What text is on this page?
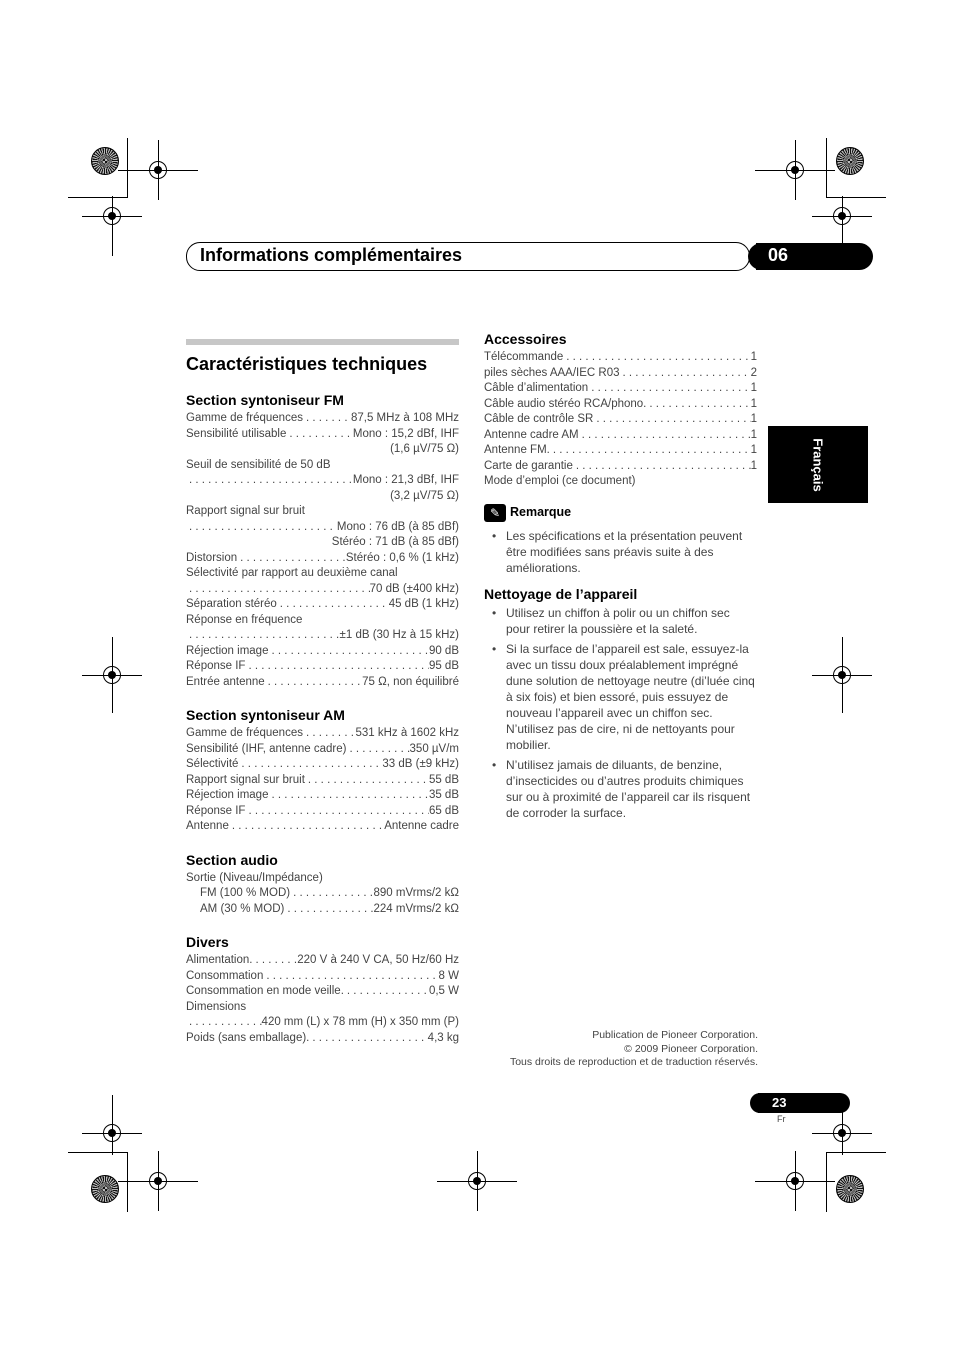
Informations complémentaires	06
Français
Caractéristiques techniques
Section syntoniseur FM
Gamme de fréquences . . .	87,5 MHz à 108 MHz
Sensibilité utilisable . . .	Mono : 15,2 dBf, IHF
(1,6 µV/75 Ω)
Seuil de sensibilité de 50 dB
. . .
Mono : 21,3 dBf, IHF
(3,2 µV/75 Ω)
Rapport signal sur bruit
. . .
Mono : 76 dB (à 85 dBf)
Stéréo : 71 dB (à 85 dBf)
Distorsion . . .	Stéréo : 0,6 % (1 kHz)
Sélectivité par rapport au deuxième canal
. . .
70 dB (±400 kHz)
Séparation stéréo . . .	45 dB (1 kHz)
Réponse en fréquence
. . .
±1 dB (30 Hz à 15 kHz)
Réjection image . . .	90 dB
Réponse IF . . .	95 dB
Entrée antenne . . .	75 Ω, non équilibré
Section syntoniseur AM
Gamme de fréquences . . .	531 kHz à 1602 kHz
Sensibilité (IHF, antenne cadre) . . .	350 µV/m
Sélectivité . . .	33 dB (±9 kHz)
Rapport signal sur bruit . . .	55 dB
Réjection image . . .	35 dB
Réponse IF . . .	65 dB
Antenne . . .	Antenne cadre
Section audio
Sortie (Niveau/Impédance)
FM (100 % MOD) . . .	890 mVrms/2 kΩ
AM (30 % MOD) . . .	224 mVrms/2 kΩ
Divers
Alimentation. . . .	220 V à 240 V CA, 50 Hz/60 Hz
Consommation . . .	8 W
Consommation en mode veille. . . .	0,5 W
Dimensions
. . .
420 mm (L) x 78 mm (H) x 350 mm (P)
Poids (sans emballage). . . .	4,3 kg
Accessoires
Télécommande . . .	1
piles sèches AAA/IEC R03 . . .	2
Câble d’alimentation . . .	1
Câble audio stéréo RCA/phono. . . .	1
Câble de contrôle SR . . .	1
Antenne cadre AM . . .	1
Antenne FM. . . .	1
Carte de garantie . . .	1
Mode d’emploi (ce document)
✎ Remarque
• Les spécifications et la présentation peuvent être modifiées sans préavis suite à des améliorations.
Nettoyage de l’appareil
• Utilisez un chiffon à polir ou un chiffon sec pour retirer la poussière et la saleté.
• Si la surface de l’appareil est sale, essuyez-la avec un tissu doux préalablement imprégné dune solution de nettoyage neutre (di’luée cinq à six fois) et bien essoré, puis essuyez de nouveau l’appareil avec un chiffon sec. N’utilisez pas de cire, ni de nettoyants pour mobilier.
• N’utilisez jamais de diluants, de benzine, d’insecticides ou d’autres produits chimiques sur ou à proximité de l’appareil car ils risquent de corroder la surface.
Publication de Pioneer Corporation.
© 2009 Pioneer Corporation.
Tous droits de reproduction et de traduction réservés.
23
Fr
